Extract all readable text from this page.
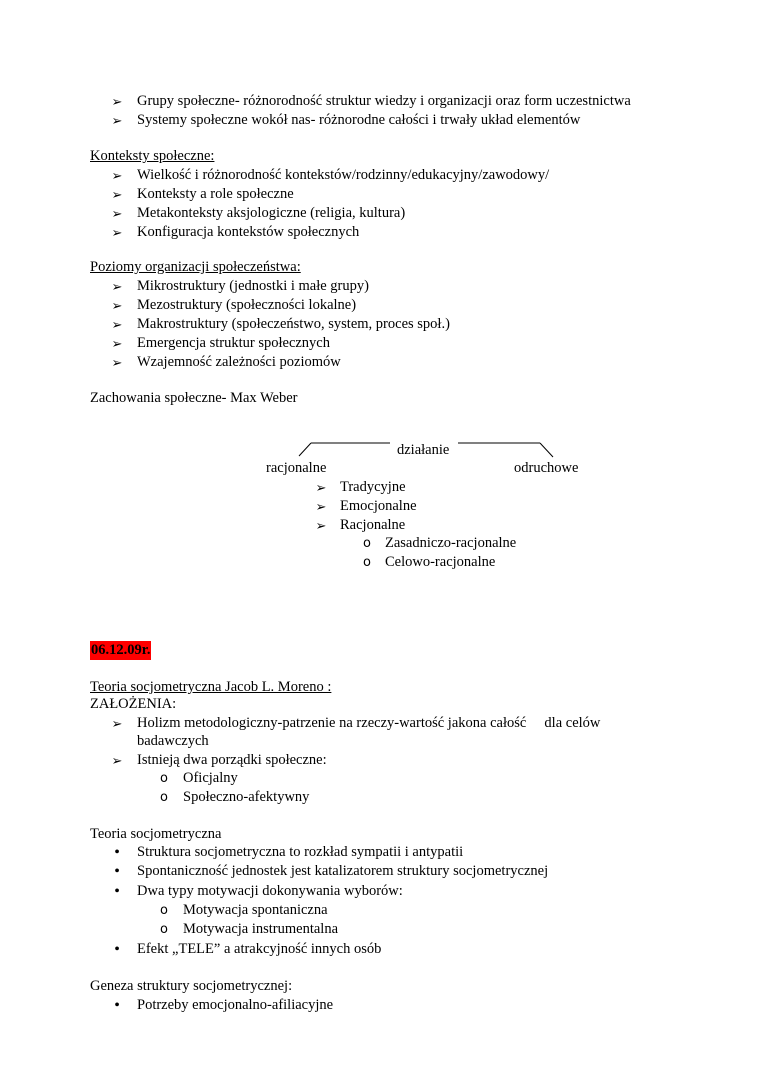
➢ Grupy społeczne- różnorodność struktur wiedzy i organizacji oraz form uczestnictwa
➢ Systemy społeczne wokół nas- różnorodne całości i trwały układ elementów
Konteksty społeczne:
➢ Wielkość i różnorodność kontekstów/rodzinny/edukacyjny/zawodowy/
➢ Konteksty a role społeczne
➢ Metakonteksty aksjologiczne (religia, kultura)
➢ Konfiguracja kontekstów społecznych
Poziomy organizacji społeczeństwa:
➢ Mikrostruktury (jednostki i małe grupy)
➢ Mezostruktury (społeczności lokalne)
➢ Makrostruktury (społeczeństwo, system, proces społ.)
➢ Emergencja struktur społecznych
➢ Wzajemność zależności poziomów
Zachowania społeczne- Max Weber
działanie
racjonalne	odruchowe
➢ Tradycyjne
➢ Emocjonalne
➢ Racjonalne
o Zasadniczo-racjonalne
o Celowo-racjonalne
06.12.09r.
Teoria socjometryczna Jacob L. Moreno :
ZAŁOŻENIA:
➢ Holizm metodologiczny-patrzenie na rzeczy-wartość jakona całość     dla celów
badawczych
➢ Istnieją dwa porządki społeczne:
o Oficjalny
o Społeczno-afektywny
Teoria socjometryczna
• Struktura socjometryczna to rozkład sympatii i antypatii
• Spontaniczność jednostek jest katalizatorem struktury socjometrycznej
• Dwa typy motywacji dokonywania wyborów:
o Motywacja spontaniczna
o Motywacja instrumentalna
• Efekt „TELE” a atrakcyjność innych osób
Geneza struktury socjometrycznej:
• Potrzeby emocjonalno-afiliacyjne
